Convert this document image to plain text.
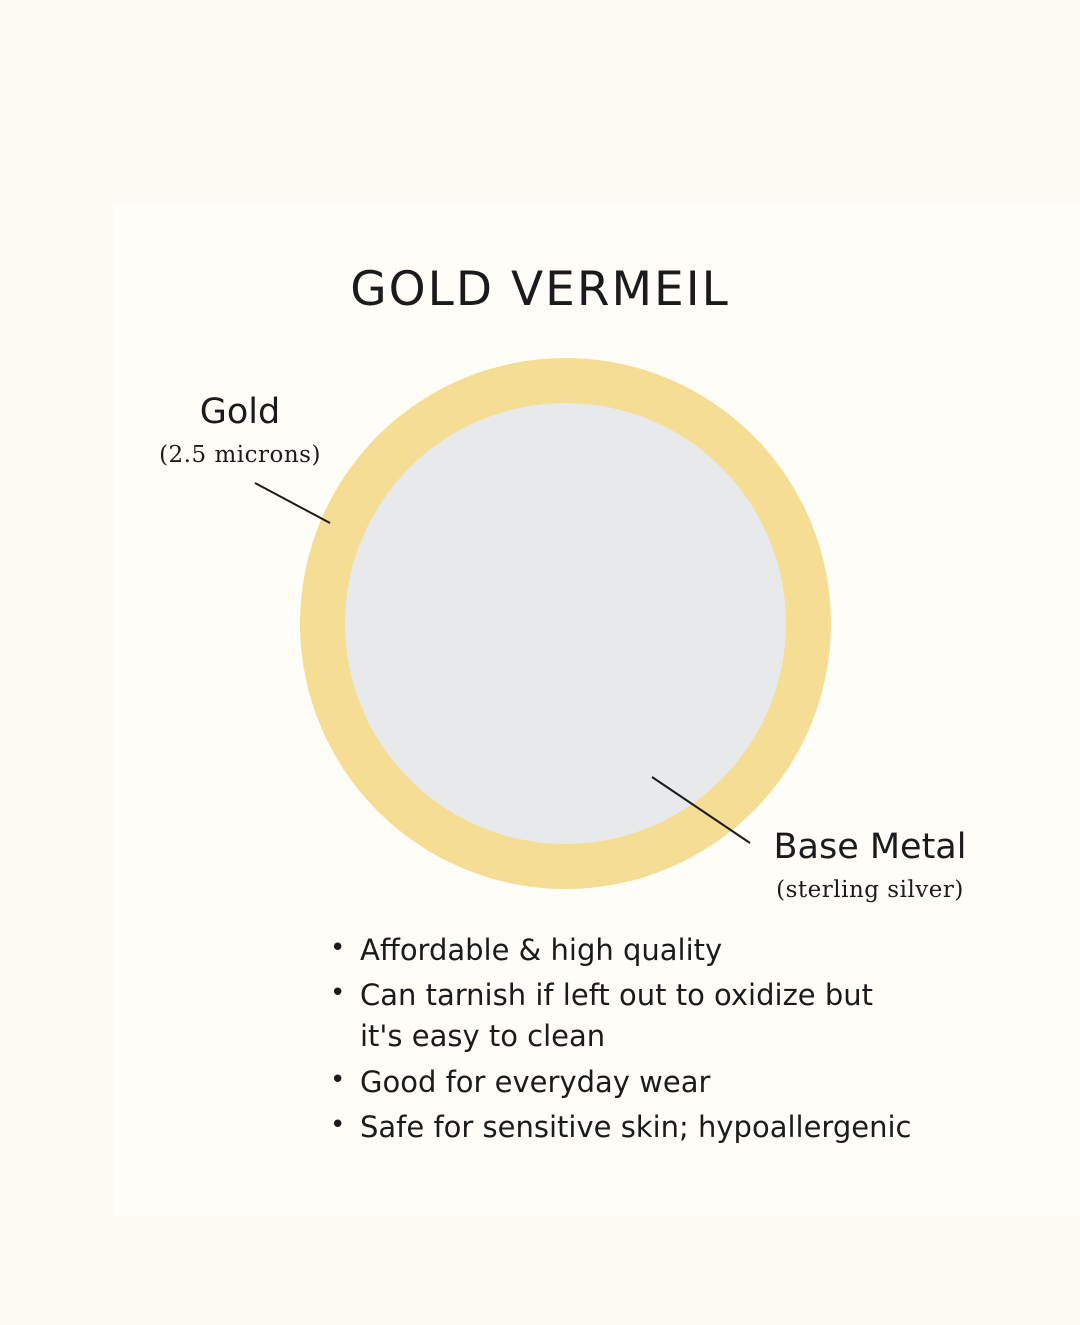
GOLD VERMEIL
Gold
(2.5 microns)
Base Metal
(sterling silver)
• Affordable & high quality
• Can tarnish if left out to oxidize but it's easy to clean
• Good for everyday wear
• Safe for sensitive skin; hypoallergenic
